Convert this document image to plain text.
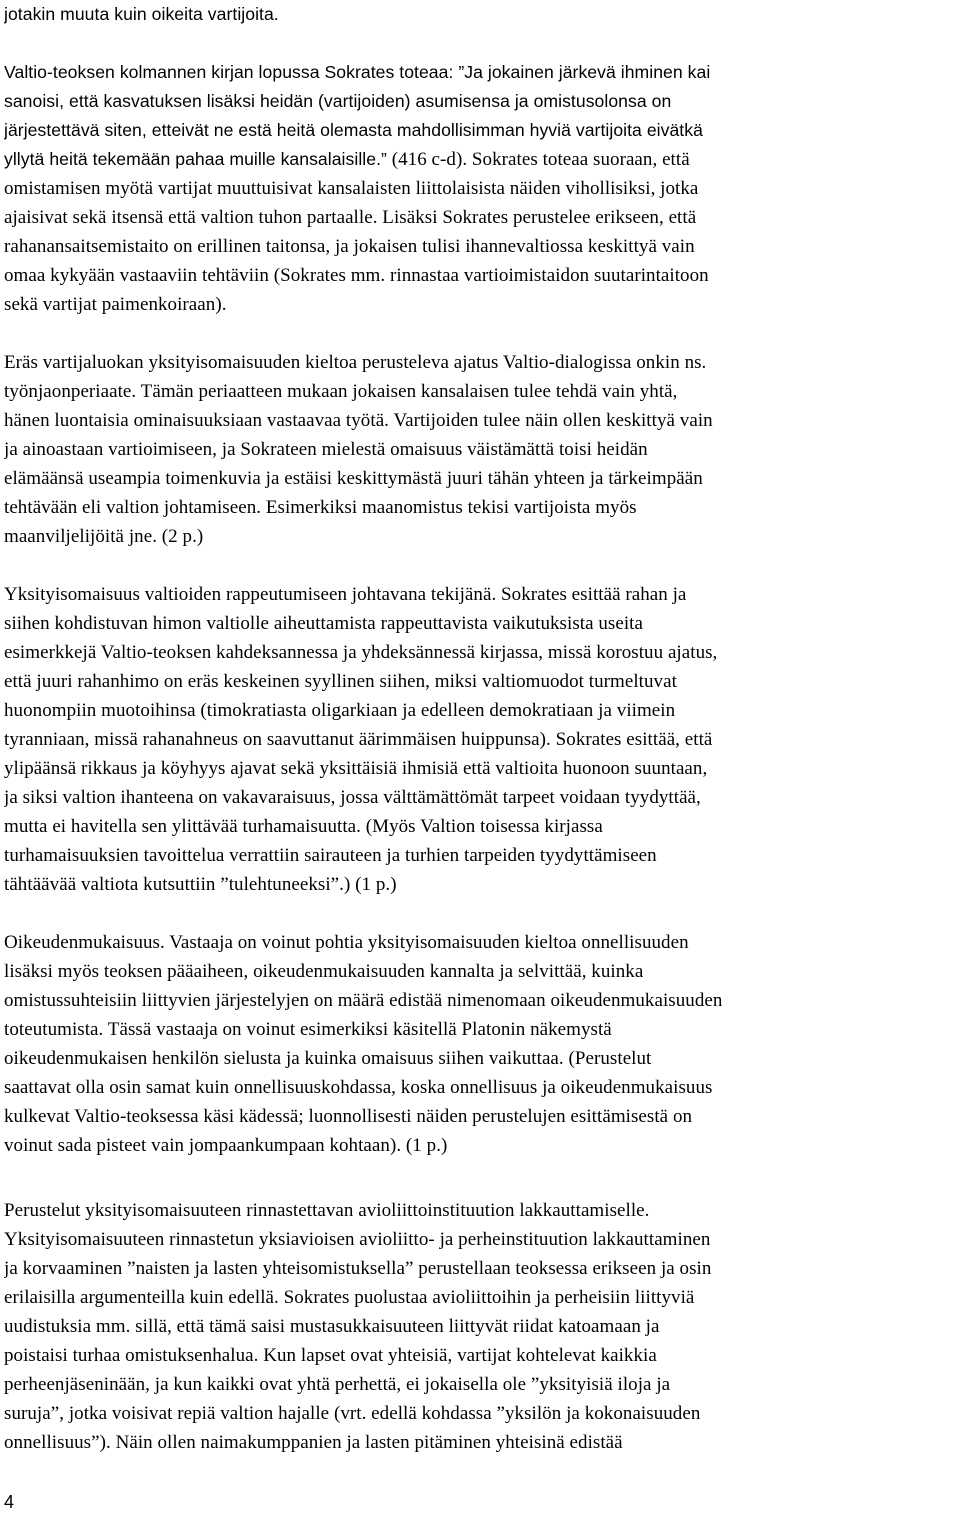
jotakin muuta kuin oikeita vartijoita.
Valtio-teoksen kolmannen kirjan lopussa Sokrates toteaa: ”Ja jokainen järkevä ihminen kai
sanoisi, että kasvatuksen lisäksi heidän (vartijoiden) asumisensa ja omistusolonsa on
järjestettävä siten, etteivät ne estä heitä olemasta mahdollisimman hyviä vartijoita eivätkä
yllytä heitä tekemään pahaa muille kansalaisille.” (416 c-d). Sokrates toteaa suoraan, että
omistamisen myötä vartijat muuttuisivat kansalaisten liittolaisista näiden vihollisiksi, jotka
ajaisivat sekä itsensä että valtion tuhon partaalle. Lisäksi Sokrates perustelee erikseen, että
rahanansaitsemistaito on erillinen taitonsa, ja jokaisen tulisi ihannevaltiossa keskittyä vain
omaa kykyään vastaaviin tehtäviin (Sokrates mm. rinnastaa vartioimistaidon suutarintaitoon
sekä vartijat paimenkoiraan).
Eräs vartijaluokan yksityisomaisuuden kieltoa perusteleva ajatus Valtio-dialogissa onkin ns.
työnjaonperiaate. Tämän periaatteen mukaan jokaisen kansalaisen tulee tehdä vain yhtä,
hänen luontaisia ominaisuuksiaan vastaavaa työtä. Vartijoiden tulee näin ollen keskittyä vain
ja ainoastaan vartioimiseen, ja Sokrateen mielestä omaisuus väistämättä toisi heidän
elämäänsä useampia toimenkuvia ja estäisi keskittymästä juuri tähän yhteen ja tärkeimpään
tehtävään eli valtion johtamiseen. Esimerkiksi maanomistus tekisi vartijoista myös
maanviljelijöitä jne. (2 p.)
Yksityisomaisuus valtioiden rappeutumiseen johtavana tekijänä. Sokrates esittää rahan ja
siihen kohdistuvan himon valtiolle aiheuttamista rappeuttavista vaikutuksista useita
esimerkkejä Valtio-teoksen kahdeksannessa ja yhdeksännessä kirjassa, missä korostuu ajatus,
että juuri rahanhimo on eräs keskeinen syyllinen siihen, miksi valtiomuodot turmeltuvat
huonompiin muotoihinsa (timokratiasta oligarkiaan ja edelleen demokratiaan ja viimein
tyranniaan, missä rahanahneus on saavuttanut äärimmäisen huippunsa). Sokrates esittää, että
ylipäänsä rikkaus ja köyhyys ajavat sekä yksittäisiä ihmisiä että valtioita huonoon suuntaan,
ja siksi valtion ihanteena on vakavaraisuus, jossa välttämättömät tarpeet voidaan tyydyttää,
mutta ei havitella sen ylittävää turhamaisuutta. (Myös Valtion toisessa kirjassa
turhamaisuuksien tavoittelua verrattiin sairauteen ja turhien tarpeiden tyydyttämiseen
tähtäävää valtiota kutsuttiin ”tulehtuneeksi”.) (1 p.)
Oikeudenmukaisuus. Vastaaja on voinut pohtia yksityisomaisuuden kieltoa onnellisuuden
lisäksi myös teoksen pääaiheen, oikeudenmukaisuuden kannalta ja selvittää, kuinka
omistussuhteisiin liittyvien järjestelyjen on määrä edistää nimenomaan oikeudenmukaisuuden
toteutumista. Tässä vastaaja on voinut esimerkiksi käsitellä Platonin näkemystä
oikeudenmukaisen henkilön sielusta ja kuinka omaisuus siihen vaikuttaa. (Perustelut
saattavat olla osin samat kuin onnellisuuskohdassa, koska onnellisuus ja oikeudenmukaisuus
kulkevat Valtio-teoksessa käsi kädessä; luonnollisesti näiden perustelujen esittämisestä on
voinut sada pisteet vain jompaankumpaan kohtaan). (1 p.)
Perustelut yksityisomaisuuteen rinnastettavan avioliittoinstituution lakkauttamiselle.
Yksityisomaisuuteen rinnastetun yksiavioisen avioliitto- ja perheinstituution lakkauttaminen
ja korvaaminen ”naisten ja lasten yhteisomistuksella” perustellaan teoksessa erikseen ja osin
erilaisilla argumenteilla kuin edellä. Sokrates puolustaa avioliittoihin ja perheisiin liittyviä
uudistuksia mm. sillä, että tämä saisi mustasukkaisuuteen liittyvät riidat katoamaan ja
poistaisi turhaa omistuksenhalua. Kun lapset ovat yhteisiä, vartijat kohtelevat kaikkia
perheenjäseninään, ja kun kaikki ovat yhtä perhettä, ei jokaisella ole ”yksityisiä iloja ja
suruja”, jotka voisivat repiä valtion hajalle (vrt. edellä kohdassa ”yksilön ja kokonaisuuden
onnellisuus”). Näin ollen naimakumppanien ja lasten pitäminen yhteisinä edistää
4
